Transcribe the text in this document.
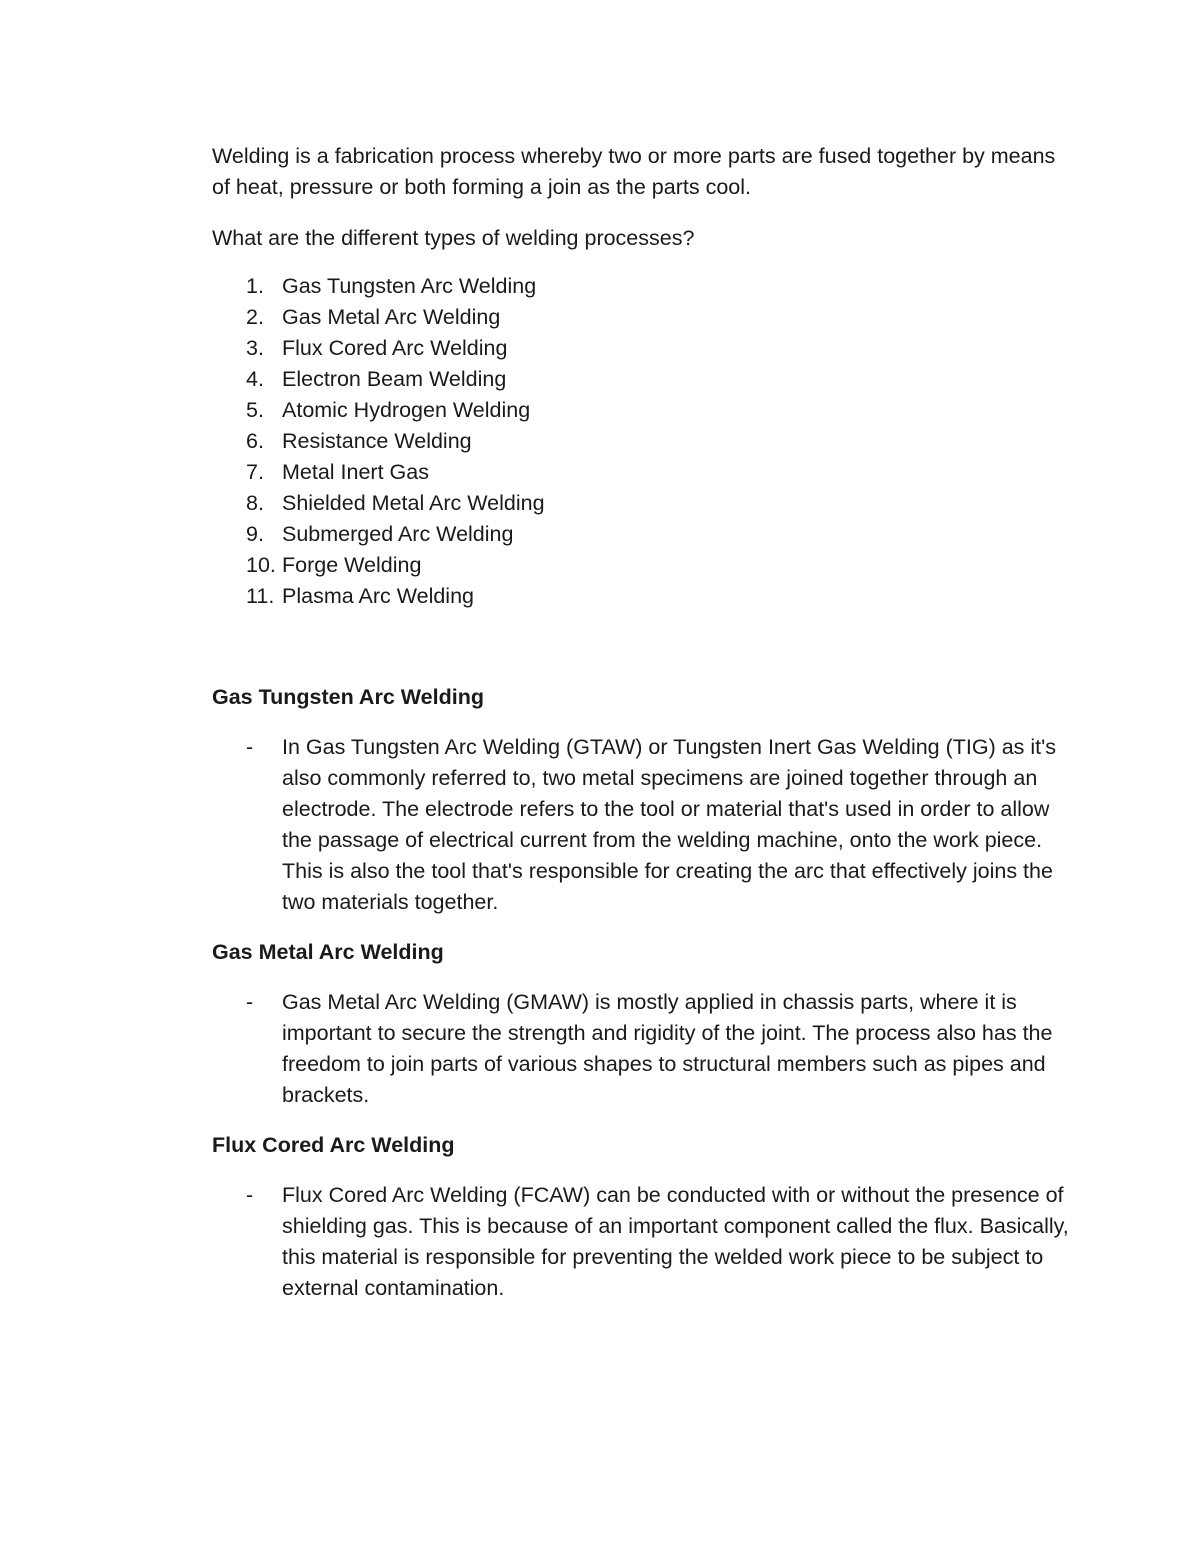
Welding is a fabrication process whereby two or more parts are fused together by means of heat, pressure or both forming a join as the parts cool.

What are the different types of welding processes?

1. Gas Tungsten Arc Welding
2. Gas Metal Arc Welding
3. Flux Cored Arc Welding
4. Electron Beam Welding
5. Atomic Hydrogen Welding
6. Resistance Welding
7. Metal Inert Gas
8. Shielded Metal Arc Welding
9. Submerged Arc Welding
10. Forge Welding
11. Plasma Arc Welding
Gas Tungsten Arc Welding
- In Gas Tungsten Arc Welding (GTAW) or Tungsten Inert Gas Welding (TIG) as it's also commonly referred to, two metal specimens are joined together through an electrode. The electrode refers to the tool or material that's used in order to allow the passage of electrical current from the welding machine, onto the work piece. This is also the tool that's responsible for creating the arc that effectively joins the two materials together.
Gas Metal Arc Welding
- Gas Metal Arc Welding (GMAW) is mostly applied in chassis parts, where it is important to secure the strength and rigidity of the joint. The process also has the freedom to join parts of various shapes to structural members such as pipes and brackets.
Flux Cored Arc Welding
- Flux Cored Arc Welding (FCAW) can be conducted with or without the presence of shielding gas. This is because of an important component called the flux. Basically, this material is responsible for preventing the welded work piece to be subject to external contamination.
